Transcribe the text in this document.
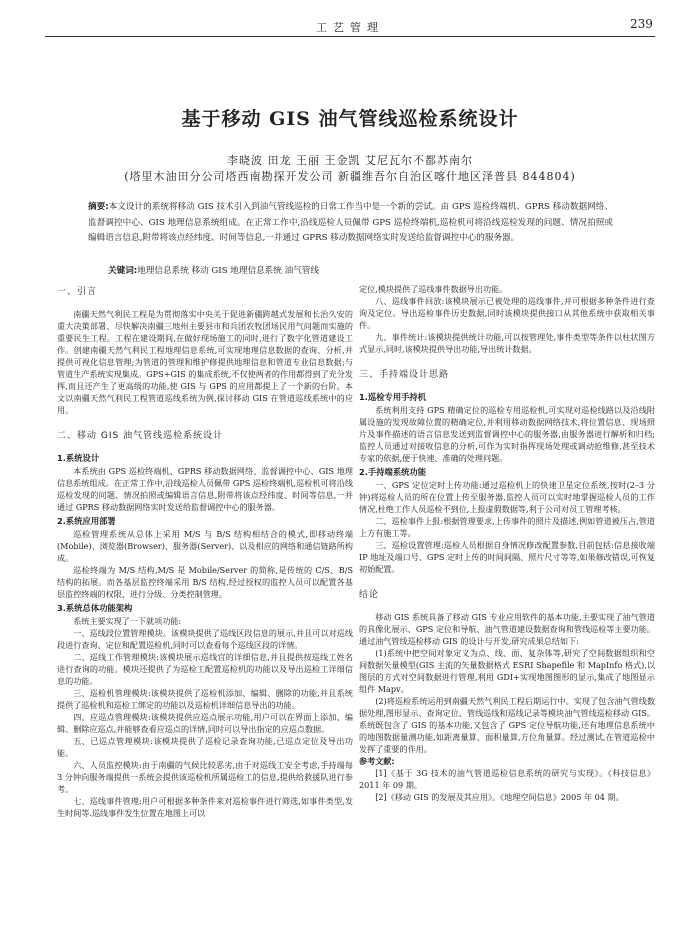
工艺管理	239
基于移动 GIS 油气管线巡检系统设计
李晓波 田龙 王丽 王金凯 艾尼瓦尔不都苏南尔
(塔里木油田分公司塔西南勘探开发公司 新疆维吾尔自治区喀什地区泽普县 844804)
摘要:本文设计的系统将移动 GIS 技术引入到油气管线巡检的日常工作当中是一个新的尝试。由 GPS 巡检终端机、GPRS 移动数据网络、监督调控中心、GIS 地理信息系统组成。在正常工作中,沿线巡检人员佩带 GPS 巡检终端机,巡检机可将沿线巡检发现的问题、情况拍照或编辑语言信息,附带将该点经纬度、时间等信息,一并通过 GPRS 移动数据网络实时发送给监督调控中心的服务器。
关键词:地理信息系统 移动 GIS 地理信息系统 油气管线
一、引言

南疆天然气利民工程是为贯彻落实中央关于促进新疆跨越式发展和长治久安的重大决策部署、尽快解决南疆三地州主要县市和兵团农牧团场民用气问题而实施的重要民生工程。工程在建设期间,在做好现场施工的同时,进行了数字化管道建设工作。创建南疆天然气利民工程地理信息系统,可实现地理信息数据的查询、分析,并提供可视化信息管理;为管道的管理和维护修提供地理信息和管道专业信息数据;与管道生产系统实现集成。GPS+GIS 的集成系统,不仅使两者的作用都得到了充分发挥,而且还产生了更高级的功能,使 GIS 与 GPS 的应用都提上了一个新的台阶。本文以南疆天然气利民工程管道巡线系统为例,探讨移动 GIS 在管道巡线系统中的应用。

二、移动 GIS 油气管线巡检系统设计
1.系统设计

本系统由 GPS 巡检终端机、GPRS 移动数据网络、监督调控中心、GIS 地理信息系统组成。在正常工作中,沿线巡检人员佩带 GPS 巡检终端机,巡检机可将沿线巡检发现的问题、情况拍照或编辑语言信息,附带将该点经纬度、时间等信息,一并通过 GPRS 移动数据网络实时发送给监督调控中心的服务器。

2.系统应用部署

巡检管理系统从总体上采用 M/S 与 B/S 结构相结合的模式,即移动终端(Mobile)、浏览器(Browser)、服务器(Server)、以及相应的网络和通信链路所构成。

巡检终端为 M/S 结构,M/S 是 Mobile/Server 的简称,是传统的 C/S、B/S 结构的拓展。而各基层监控终端采用 B/S 结构,经过授权的监控人员可以配置各基层监控终端的权限、进行分级、分类控制管理。

3.系统总体功能架构

系统主要实现了一下就项功能:

一、巡线段位置管理模块。该模块提供了巡线区段信息的展示,并且可以对巡线段进行查询、定位和配置巡检机,同时可以查看每个巡线区段的详情。

二、巡线工作管理模块:该模块展示巡线宫的详细信息,并且提供按巡线工姓名进行查询的功能。模块还提供了为巡检工配置巡检机的功能以及导出巡检工详细信息的功能。

三、巡检机管理模块:该模块提供了巡检机添加、编辑、删除的功能,并且系统提供了巡检机和巡检工绑定的功能以及巡检机详细信息导出的功能。

四、应巡点管理模块:该模块提供应巡点展示功能,用户可以在界面上添加、编辑、删除应巡点,并能够查看应巡点的详情,同时可以导出指定的应巡点数据。

五、已巡点管理模块:该模块提供了巡检记录查询功能,已巡点定位及导出功能。

六、人员监控模块:由于南疆的气候比较恶劣,由于对巡线工安全考虑,手持端每 3 分钟向服务端提供一系统会提供该巡检机所属巡检工的信息,提供给救援队进行参考。

七、巡线事件管理:用户可根据多种条件来对巡检事件进行筛选,如事件类型,发生时间等.巡线事件发生位置在地图上可以

定位,模块提供了巡线事件数据导出功能。

八、巡线事件回放:该模块展示已被处理的巡线事件,并可根据多种条件进行查询及定位。导出巡检事件历史数据,同时该模块提供接口从其他系统中获取相关事件。

九、事件统计:该模块提供统计功能,可以按管理处,事件类型等条件以柱状图方式显示,同时,该模块提供导出功能,导出统计数据。

三、手持端设计思路
1.巡检专用手持机

系统利用支持 GPS 精确定位的巡检专用巡检机,可实现对巡检线路以及沿线附属设施的发现故障位置的精确定位,并利用移动数据网络技术,将位置信息、现场照片及事件描述的语言信息发送到监督调控中心的服务器,由服务器进行解析和归档;监控人员通过对接收信息的分析,可作为实时指挥现场处理或调动抢维修,甚至技术专家的依据,便于快速、准确的处理问题。

2.手持端系统功能

一、GPS 定位定时上传功能:通过巡检机上的快速卫星定位系统,按时(2–3 分钟)将巡检人员的所在位置上传至服务器,监控人员可以实时地掌握巡检人员的工作情况,杜绝工作人员巡检不到位,上报虚假数据等,利于公司对员工管理考核。

二、巡检事件上报:根据管理要求,上传事件的照片及描述,例如管道被压占,管道上方有施工等。

三、巡检设置管理:巡检人员根据自身情况修改配置参数,目前包括:信息接收端 IP 地址及端口号、GPS 定时上传的时间间隔、照片尺寸等等,如果修改错误,可恢复初始配置。

结论

移动 GIS 系统具备了移动 GIS 专业应用软件的基本功能,主要实现了油气管道的具像化展示、GPS 定位和导航、油气管道建设数据查询和管线巡检等主要功能。通过油气管线巡检移动 GIS 的设计与开发,研究成果总结如下:

(1)系统中把空间对象定义为点、线、面、复杂体等,研究了空间数据组织和空间数据矢量模型(GIS 主流的矢量数据格式 ESRI Shapefile 和 MapInfo 格式),以图层的方式对空间数据进行管理,利用 GDI+实现地图图形的显示,集成了地图显示组件 Mapv。

(2)将巡检系统运用到南疆天然气利民工程后期运行中。实现了包含油气管线数据处理,图形显示、查询定位、管线巡线和巡线记录等模块油气管线巡检移动 GIS。系统既包含了 GIS 的基本功能,又包含了 GPS 定位导航功能,还有地理信息系统中的地图数据量测功能,如距离量算、面积量算,方位角量算。经过测试,在管道巡检中发挥了重要的作用。

参考文献:

[1]《基于 3G 技术的油气管道巡检信息系统的研究与实现》。《科技信息》2011 年 09 期。

[2]《移动 GIS 的发展及其应用》。《地理空间信息》2005 年 04 期。
